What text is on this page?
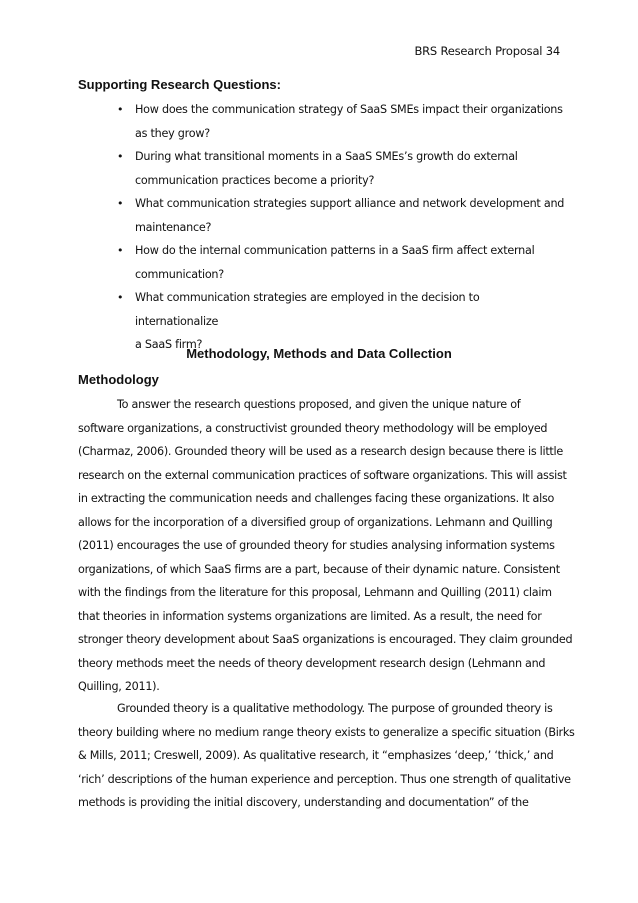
BRS Research Proposal 34
Supporting Research Questions:
• How does the communication strategy of SaaS SMEs impact their organizations
as they grow?
• During what transitional moments in a SaaS SMEs’s growth do external
communication practices become a priority?
• What communication strategies support alliance and network development and
maintenance?
• How do the internal communication patterns in a SaaS firm affect external
communication?
• What communication strategies are employed in the decision to internationalize
a SaaS firm?
Methodology, Methods and Data Collection
Methodology

To answer the research questions proposed, and given the unique nature of
software organizations, a constructivist grounded theory methodology will be employed
(Charmaz, 2006). Grounded theory will be used as a research design because there is little
research on the external communication practices of software organizations. This will assist
in extracting the communication needs and challenges facing these organizations. It also
allows for the incorporation of a diversified group of organizations. Lehmann and Quilling
(2011) encourages the use of grounded theory for studies analysing information systems
organizations, of which SaaS firms are a part, because of their dynamic nature. Consistent
with the findings from the literature for this proposal, Lehmann and Quilling (2011) claim
that theories in information systems organizations are limited. As a result, the need for
stronger theory development about SaaS organizations is encouraged. They claim grounded
theory methods meet the needs of theory development research design (Lehmann and
Quilling, 2011).

Grounded theory is a qualitative methodology. The purpose of grounded theory is
theory building where no medium range theory exists to generalize a specific situation (Birks
& Mills, 2011; Creswell, 2009). As qualitative research, it “emphasizes ‘deep,’ ‘thick,’ and
‘rich’ descriptions of the human experience and perception. Thus one strength of qualitative
methods is providing the initial discovery, understanding and documentation” of the
